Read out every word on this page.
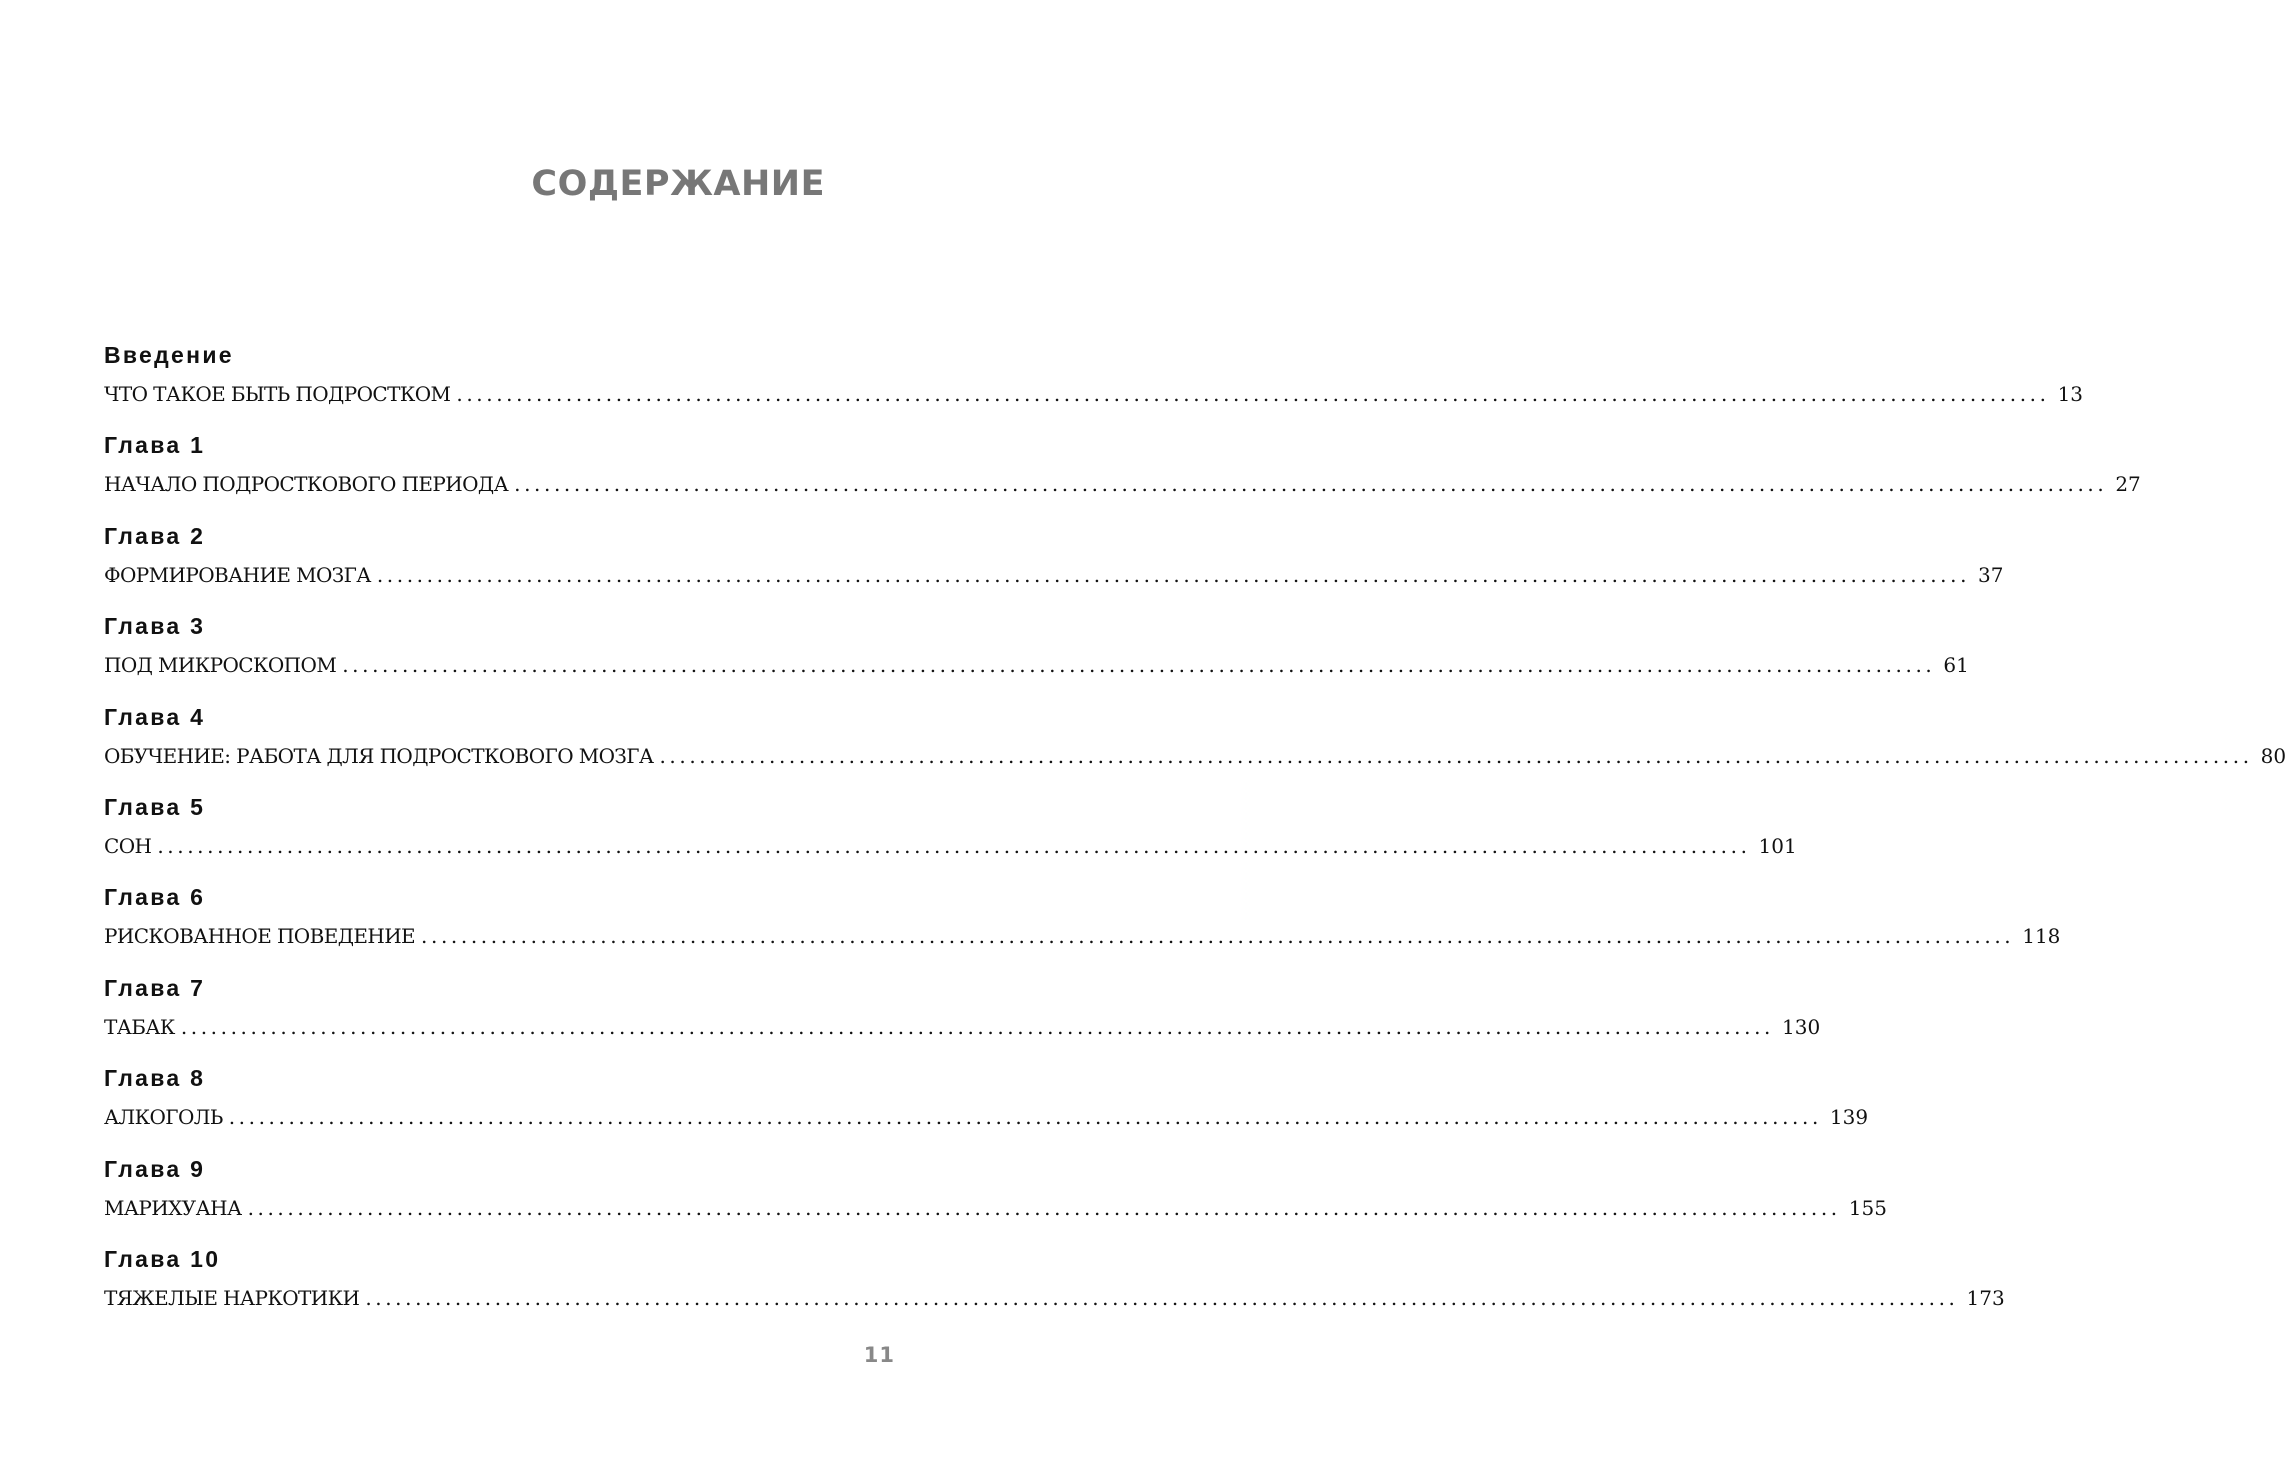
СОДЕРЖАНИЕ
Введение
ЧТО ТАКОЕ БЫТЬ ПОДРОСТКОМ ................................................................................................................................................................ 13
Глава 1
НАЧАЛО ПОДРОСТКОВОГО ПЕРИОДА ................................................................................................................................................................ 27
Глава 2
ФОРМИРОВАНИЕ МОЗГА ................................................................................................................................................................ 37
Глава 3
ПОД МИКРОСКОПОМ ................................................................................................................................................................ 61
Глава 4
ОБУЧЕНИЕ: РАБОТА ДЛЯ ПОДРОСТКОВОГО МОЗГА ................................................................................................................................................................ 80
Глава 5
СОН ................................................................................................................................................................ 101
Глава 6
РИСКОВАННОЕ ПОВЕДЕНИЕ ................................................................................................................................................................ 118
Глава 7
ТАБАК ................................................................................................................................................................ 130
Глава 8
АЛКОГОЛЬ ................................................................................................................................................................ 139
Глава 9
МАРИХУАНА ................................................................................................................................................................ 155
Глава 10
ТЯЖЕЛЫЕ НАРКОТИКИ ................................................................................................................................................................ 173
11
